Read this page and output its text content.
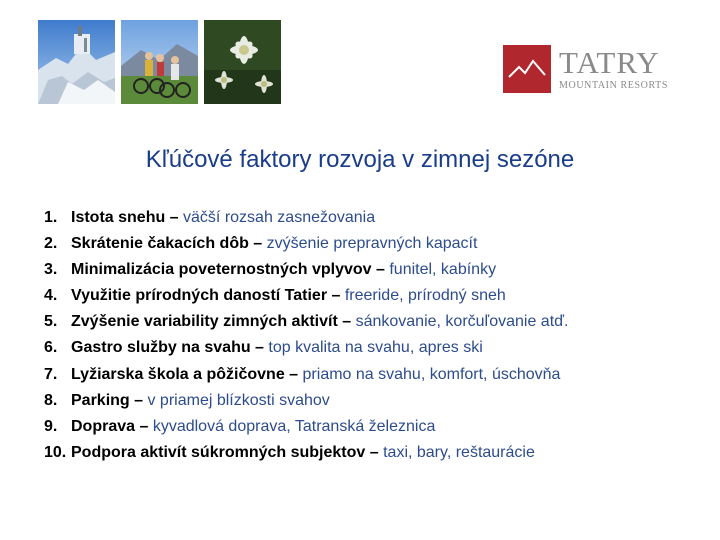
TATRY
MOUNTAIN RESORTS
Kľúčové faktory rozvoja v zimnej sezóne
1. Istota snehu – väčší rozsah zasnežovania
2. Skrátenie čakacích dôb – zvýšenie prepravných kapacít
3. Minimalizácia poveternostných vplyvov – funitel, kabínky
4. Využitie prírodných daností Tatier – freeride, prírodný sneh
5. Zvýšenie variability zimných aktivít – sánkovanie, korčuľovanie atď.
6. Gastro služby na svahu – top kvalita na svahu, apres ski
7. Lyžiarska škola a pôžičovne – priamo na svahu, komfort, úschovňa
8. Parking – v priamej blízkosti svahov
9. Doprava – kyvadlová doprava, Tatranská železnica
10. Podpora aktivít súkromných subjektov – taxi, bary, reštaurácie
